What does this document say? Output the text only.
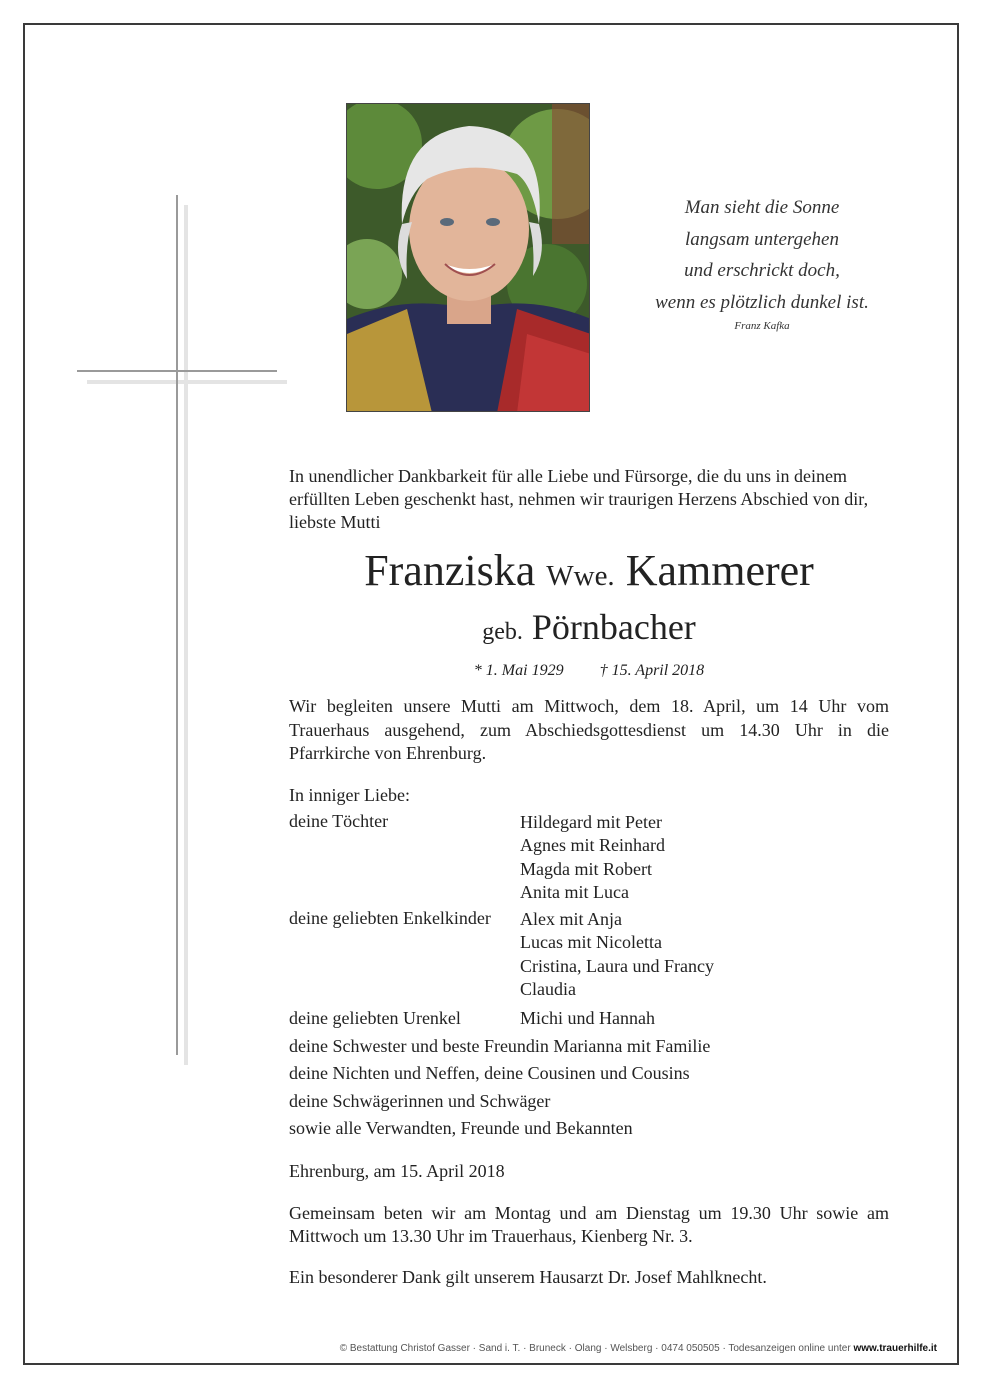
Man sieht die Sonne
langsam untergehen
und erschrickt doch,
wenn es plötzlich dunkel ist.
Franz Kafka
In unendlicher Dankbarkeit für alle Liebe und Fürsorge, die du uns in deinem erfüllten Leben geschenkt hast, nehmen wir traurigen Herzens Abschied von dir, liebste Mutti
Franziska Wwe. Kammerer
geb. Pörnbacher
* 1. Mai 1929 † 15. April 2018
Wir begleiten unsere Mutti am Mittwoch, dem 18. April, um 14 Uhr vom Trauerhaus ausgehend, zum Abschiedsgottesdienst um 14.30 Uhr in die Pfarrkirche von Ehrenburg.
In inniger Liebe:
deine Töchter	Hildegard mit Peter
Agnes mit Reinhard
Magda mit Robert
Anita mit Luca
deine geliebten Enkelkinder	Alex mit Anja
Lucas mit Nicoletta
Cristina, Laura und Francy
Claudia
deine geliebten Urenkel	Michi und Hannah
deine Schwester und beste Freundin Marianna mit Familie
deine Nichten und Neffen, deine Cousinen und Cousins
deine Schwägerinnen und Schwäger
sowie alle Verwandten, Freunde und Bekannten
Ehrenburg, am 15. April 2018
Gemeinsam beten wir am Montag und am Dienstag um 19.30 Uhr sowie am Mittwoch um 13.30 Uhr im Trauerhaus, Kienberg Nr. 3.
Ein besonderer Dank gilt unserem Hausarzt Dr. Josef Mahlknecht.
© Bestattung Christof Gasser · Sand i. T. · Bruneck · Olang · Welsberg · 0474 050505 · Todesanzeigen online unter www.trauerhilfe.it
